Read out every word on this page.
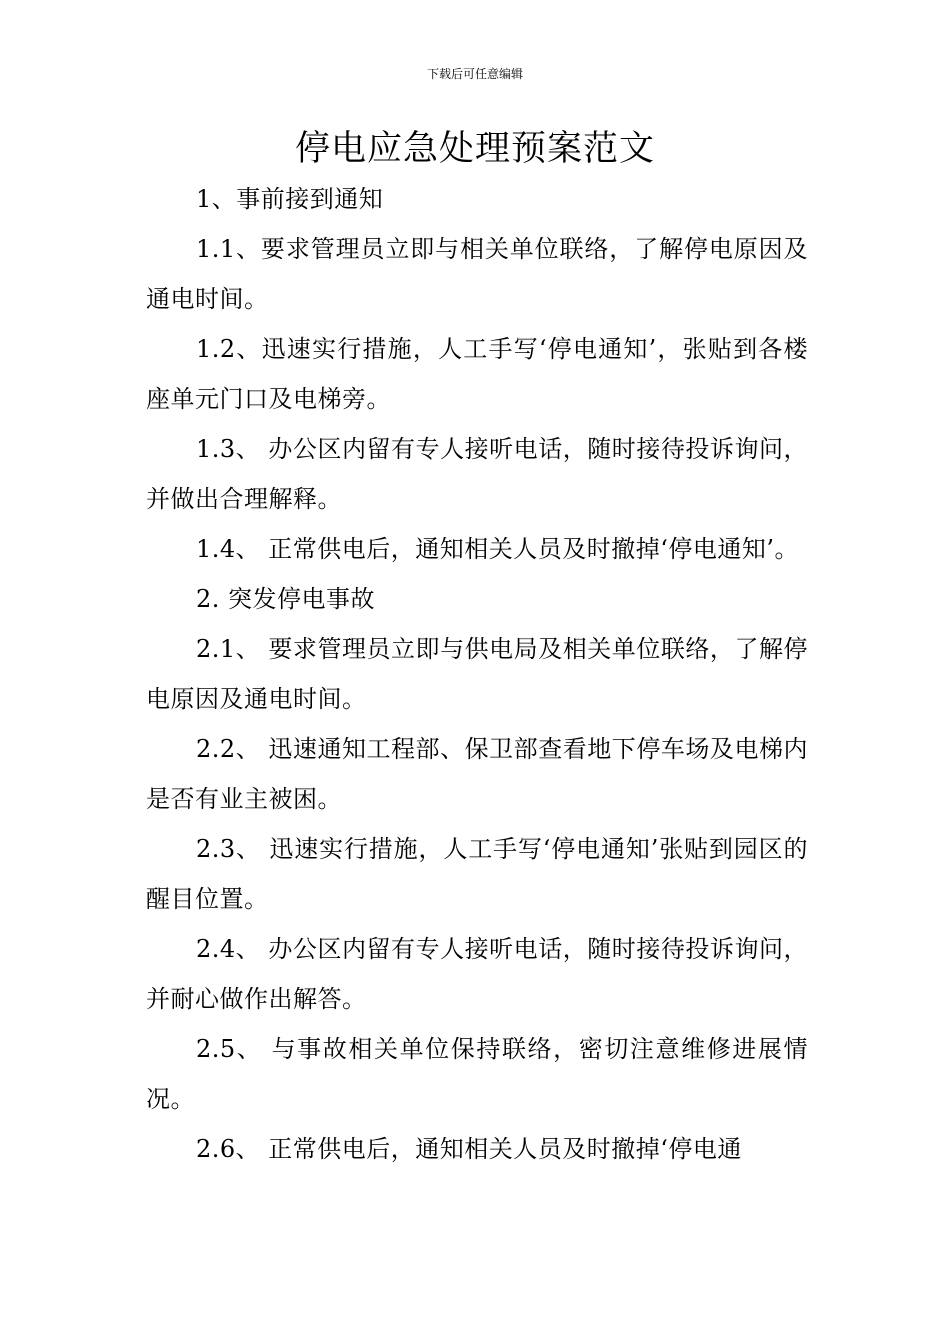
下载后可任意编辑
停电应急处理预案范文

1、事前接到通知

1.1、要求管理员立即与相关单位联络，了解停电原因及通电时间。

1.2、迅速实行措施，人工手写‘停电通知’，张贴到各楼座单元门口及电梯旁。

1.3、 办公区内留有专人接听电话，随时接待投诉询问，并做出合理解释。

1.4、 正常供电后，通知相关人员及时撤掉‘停电通知’。

2. 突发停电事故

2.1、 要求管理员立即与供电局及相关单位联络，了解停电原因及通电时间。

2.2、 迅速通知工程部、保卫部查看地下停车场及电梯内是否有业主被困。

2.3、 迅速实行措施，人工手写‘停电通知’张贴到园区的醒目位置。

2.4、 办公区内留有专人接听电话，随时接待投诉询问，并耐心做作出解答。

2.5、 与事故相关单位保持联络，密切注意维修进展情况。

2.6、 正常供电后，通知相关人员及时撤掉‘停电通
